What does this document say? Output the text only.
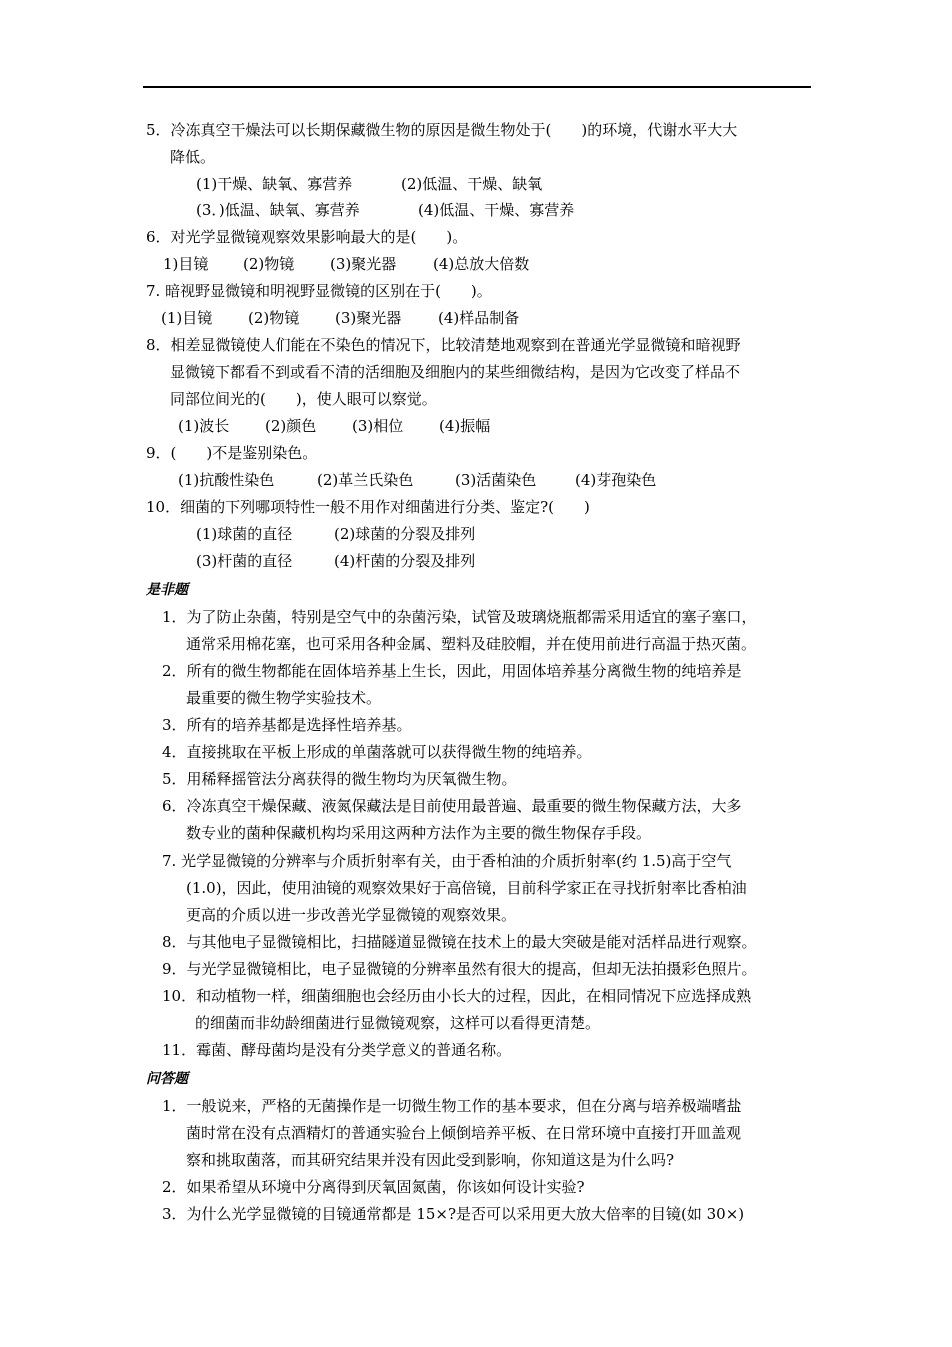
5．冷冻真空干燥法可以长期保藏微生物的原因是微生物处于(　　)的环境，代谢水平大大
降低。
(1)干燥、缺氧、寡营养	(2)低温、干燥、缺氧
(3．)低温、缺氧、寡营养	(4)低温、干燥、寡营养
6．对光学显微镜观察效果影响最大的是(　　)。
1)目镜 (2)物镜 (3)聚光器 (4)总放大倍数
7. 暗视野显微镜和明视野显微镜的区别在于(　　)。
(1)目镜 (2)物镜 (3)聚光器 (4)样品制备
8．相差显微镜使人们能在不染色的情况下，比较清楚地观察到在普通光学显微镜和暗视野
显微镜下都看不到或看不清的活细胞及细胞内的某些细微结构，是因为它改变了样品不
同部位间光的(　　)，使人眼可以察觉。
(1)波长 (2)颜色 (3)相位 (4)振幅
9．(　　)不是鉴别染色。
(1)抗酸性染色	(2)革兰氏染色	(3)活菌染色	(4)芽孢染色
10．细菌的下列哪项特性一般不用作对细菌进行分类、鉴定?(　　)
(1)球菌的直径	(2)球菌的分裂及排列
(3)杆菌的直径	(4)杆菌的分裂及排列
是非题
1．为了防止杂菌，特别是空气中的杂菌污染，试管及玻璃烧瓶都需采用适宜的塞子塞口，
通常采用棉花塞，也可采用各种金属、塑料及硅胶帽，并在使用前进行高温于热灭菌。
2．所有的微生物都能在固体培养基上生长，因此，用固体培养基分离微生物的纯培养是
最重要的微生物学实验技术。
3．所有的培养基都是选择性培养基。
4．直接挑取在平板上形成的单菌落就可以获得微生物的纯培养。
5．用稀释摇管法分离获得的微生物均为厌氧微生物。
6．冷冻真空干燥保藏、液氮保藏法是目前使用最普遍、最重要的微生物保藏方法，大多
数专业的菌种保藏机构均采用这两种方法作为主要的微生物保存手段。
7. 光学显微镜的分辨率与介质折射率有关，由于香柏油的介质折射率(约 1.5)高于空气
(1.0)，因此，使用油镜的观察效果好于高倍镜，目前科学家正在寻找折射率比香柏油
更高的介质以进一步改善光学显微镜的观察效果。
8．与其他电子显微镜相比，扫描隧道显微镜在技术上的最大突破是能对活样品进行观察。
9．与光学显微镜相比，电子显微镜的分辨率虽然有很大的提高，但却无法拍摄彩色照片。
10．和动植物一样，细菌细胞也会经历由小长大的过程，因此，在相同情况下应选择成熟
的细菌而非幼龄细菌进行显微镜观察，这样可以看得更清楚。
11．霉菌、酵母菌均是没有分类学意义的普通名称。
问答题
1．一般说来，严格的无菌操作是一切微生物工作的基本要求，但在分离与培养极端嗜盐
菌时常在没有点酒精灯的普通实验台上倾倒培养平板、在日常环境中直接打开皿盖观
察和挑取菌落，而其研究结果并没有因此受到影响，你知道这是为什么吗?
2．如果希望从环境中分离得到厌氧固氮菌，你该如何设计实验?
3．为什么光学显微镜的目镜通常都是 15×?是否可以采用更大放大倍率的目镜(如 30×)
